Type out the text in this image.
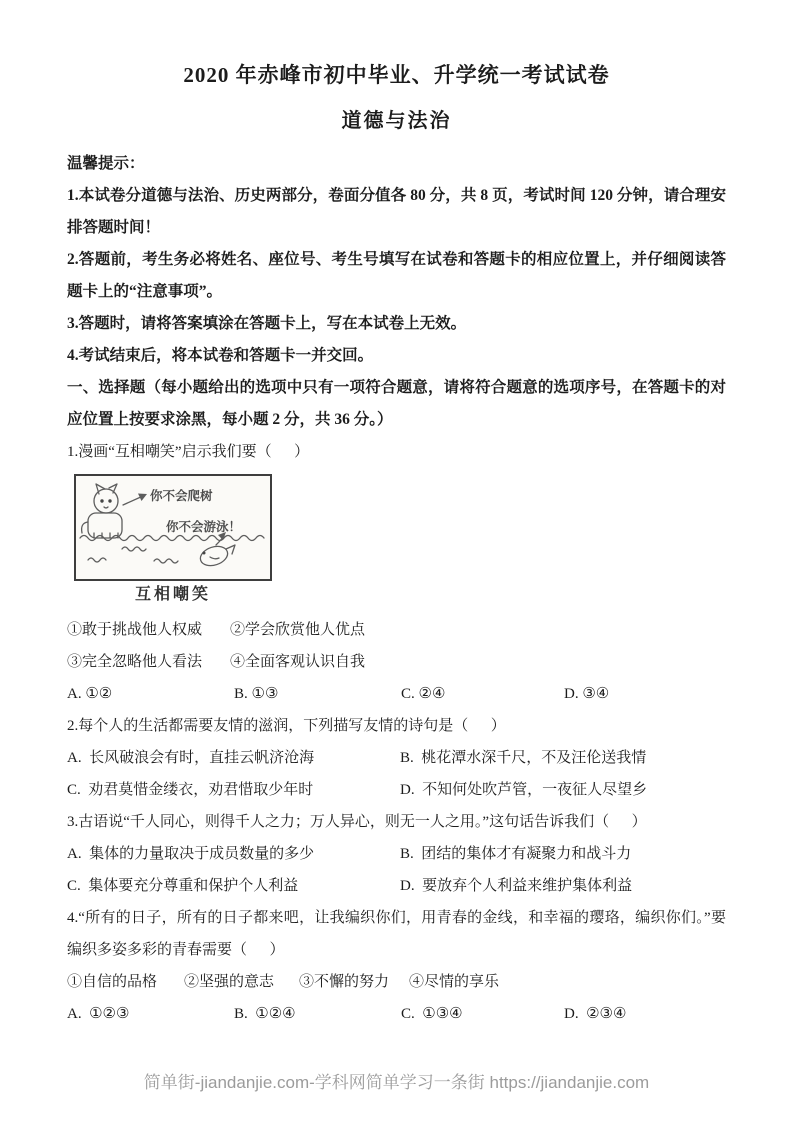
2020 年赤峰市初中毕业、升学统一考试试卷
道德与法治

温馨提示：

1.本试卷分道德与法治、历史两部分，卷面分值各 80 分，共 8 页，考试时间 120 分钟，请合理安排答题时间！

2.答题前，考生务必将姓名、座位号、考生号填写在试卷和答题卡的相应位置上，并仔细阅读答题卡上的“注意事项”。

3.答题时，请将答案填涂在答题卡上，写在本试卷上无效。

4.考试结束后，将本试卷和答题卡一并交回。

一、选择题（每小题给出的选项中只有一项符合题意，请将符合题意的选项序号，在答题卡的对应位置上按要求涂黑，每小题 2 分，共 36 分。）

1.漫画“互相嘲笑”启示我们要（      ）

你不会爬树
你不会游泳！
互相嘲笑
①敢于挑战他人权威	②学会欣赏他人优点
③完全忽略他人看法	④全面客观认识自我
A. ①②	B. ①③	C. ②④	D. ③④

2.每个人的生活都需要友情的滋润，下列描写友情的诗句是（      ）

A.  长风破浪会有时，直挂云帆济沧海	B.  桃花潭水深千尺，不及汪伦送我情
C.  劝君莫惜金缕衣，劝君惜取少年时	D.  不知何处吹芦管，一夜征人尽望乡

3.古语说“千人同心，则得千人之力；万人异心，则无一人之用。”这句话告诉我们（      ）

A.  集体的力量取决于成员数量的多少	B.  团结的集体才有凝聚力和战斗力
C.  集体要充分尊重和保护个人利益	D.  要放弃个人利益来维护集体利益

4.“所有的日子，所有的日子都来吧，让我编织你们，用青春的金线，和幸福的璎珞，编织你们。”要编织多姿多彩的青春需要（      ）

①自信的品格	②坚强的意志	③不懈的努力	④尽情的享乐
A.  ①②③	B.  ①②④	C.  ①③④	D.  ②③④
简单街-jiandanjie.com-学科网简单学习一条街 https://jiandanjie.com
